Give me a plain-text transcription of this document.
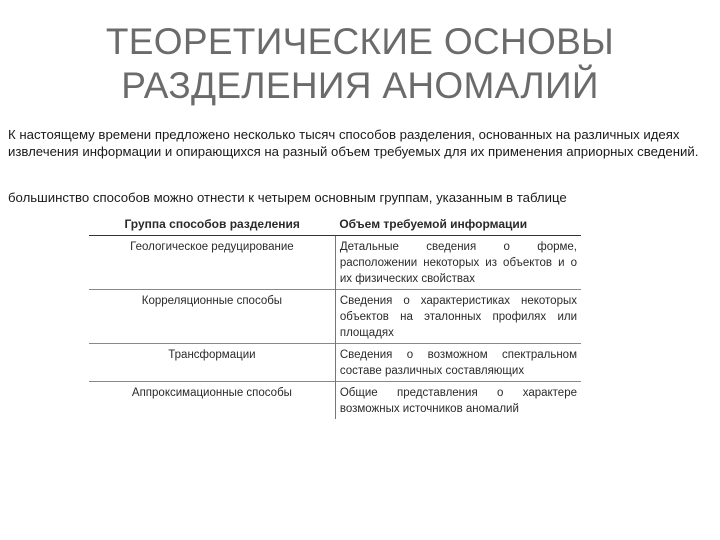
ТЕОРЕТИЧЕСКИЕ ОСНОВЫ
РАЗДЕЛЕНИЯ АНОМАЛИЙ
К настоящему времени предложено несколько тысяч способов разделения, основанных на различных идеях извлечения информации и опирающихся на разный объем требуемых для их применения априорных сведений.
большинство способов можно отнести к четырем основным группам, указанным в таблице
Группа способов разделения	Объем требуемой информации
Геологическое редуцирование	Детальные сведения о форме, расположении некоторых из объектов и о их физических свойствах
Корреляционные способы	Сведения о характеристиках некоторых объектов на эталонных профилях или площадях
Трансформации	Сведения о возможном спектральном составе различных составляющих
Аппроксимационные способы	Общие представления о характере возможных источников аномалий
